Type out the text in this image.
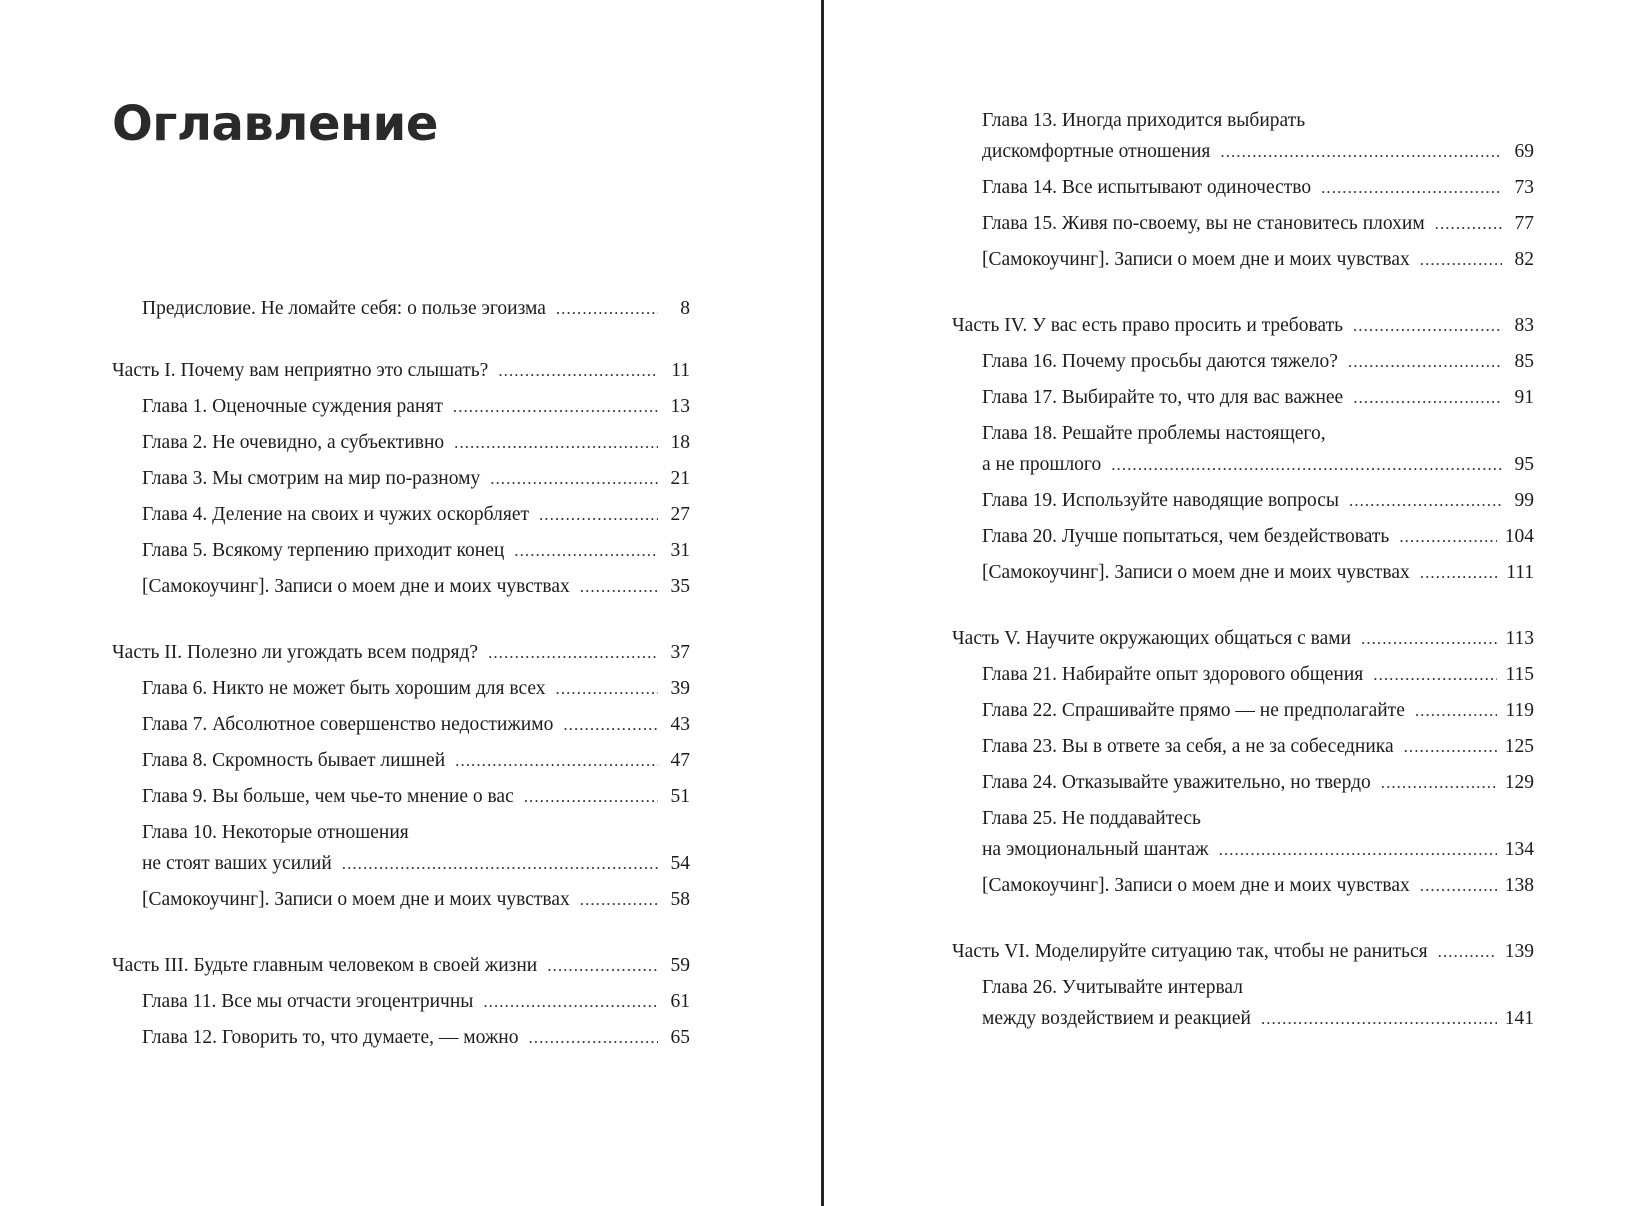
Оглавление
Предисловие. Не ломайте себя: о пользе эгоизма . . .	8
Часть I. Почему вам неприятно это слышать? . . .	11
Глава 1. Оценочные суждения ранят . . .	13
Глава 2. Не очевидно, а субъективно . . .	18
Глава 3. Мы смотрим на мир по-разному . . .	21
Глава 4. Деление на своих и чужих оскорбляет . . .	27
Глава 5. Всякому терпению приходит конец . . .	31
[Самокоучинг]. Записи о моем дне и моих чувствах . . .	35
Часть II. Полезно ли угождать всем подряд? . . .	37
Глава 6. Никто не может быть хорошим для всех . . .	39
Глава 7. Абсолютное совершенство недостижимо . . .	43
Глава 8. Скромность бывает лишней . . .	47
Глава 9. Вы больше, чем чье-то мнение о вас . . .	51
Глава 10. Некоторые отношения
не стоят ваших усилий . . .	54
[Самокоучинг]. Записи о моем дне и моих чувствах . . .	58
Часть III. Будьте главным человеком в своей жизни . . .	59
Глава 11. Все мы отчасти эгоцентричны . . .	61
Глава 12. Говорить то, что думаете, — можно . . .	65
Глава 13. Иногда приходится выбирать
дискомфортные отношения . . .	69
Глава 14. Все испытывают одиночество . . .	73
Глава 15. Живя по-своему, вы не становитесь плохим . . .	77
[Самокоучинг]. Записи о моем дне и моих чувствах . . .	82
Часть IV. У вас есть право просить и требовать . . .	83
Глава 16. Почему просьбы даются тяжело? . . .	85
Глава 17. Выбирайте то, что для вас важнее . . .	91
Глава 18. Решайте проблемы настоящего,
а не прошлого . . .	95
Глава 19. Используйте наводящие вопросы . . .	99
Глава 20. Лучше попытаться, чем бездействовать . . .	104
[Самокоучинг]. Записи о моем дне и моих чувствах . . .	111
Часть V. Научите окружающих общаться с вами . . .	113
Глава 21. Набирайте опыт здорового общения . . .	115
Глава 22. Спрашивайте прямо — не предполагайте . . .	119
Глава 23. Вы в ответе за себя, а не за собеседника . . .	125
Глава 24. Отказывайте уважительно, но твердо . . .	129
Глава 25. Не поддавайтесь
на эмоциональный шантаж . . .	134
[Самокоучинг]. Записи о моем дне и моих чувствах . . .	138
Часть VI. Моделируйте ситуацию так, чтобы не раниться . . .	139
Глава 26. Учитывайте интервал
между воздействием и реакцией . . .	141
